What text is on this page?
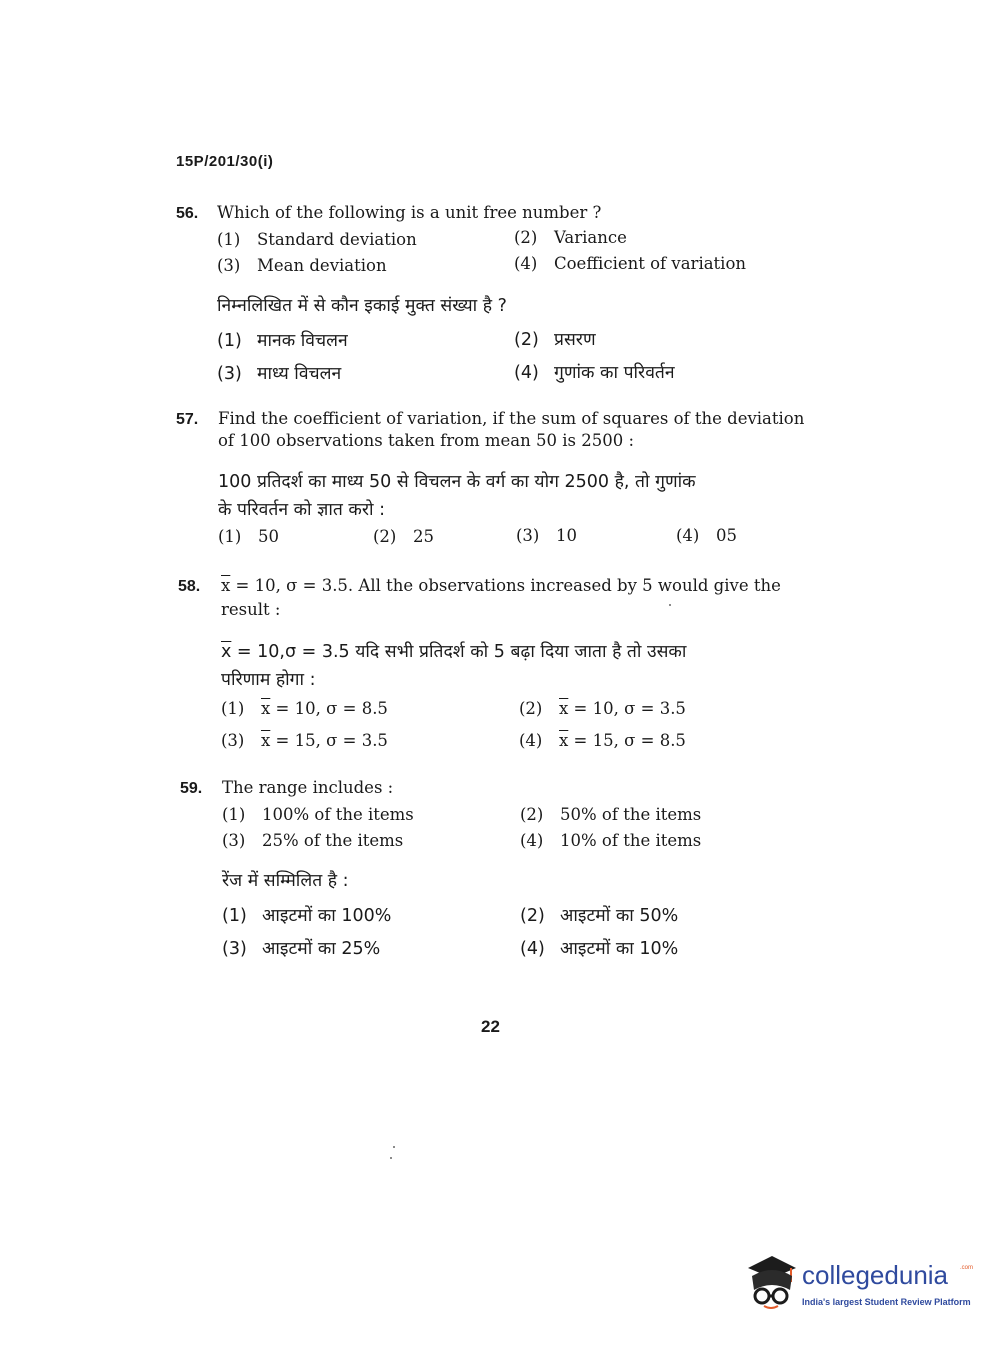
15P/201/30(i)
56. Which of the following is a unit free number ?
(1) Standard deviation	(2) Variance
(3) Mean deviation	(4) Coefficient of variation
निम्नलिखित में से कौन इकाई मुक्त संख्या है ?
(1) मानक विचलन	(2) प्रसरण
(3) माध्य विचलन	(4) गुणांक का परिवर्तन
57. Find the coefficient of variation, if the sum of squares of the deviation
of 100 observations taken from mean 50 is 2500 :
100 प्रतिदर्श का माध्य 50 से विचलन के वर्ग का योग 2500 है, तो गुणांक
के परिवर्तन को ज्ञात करो :
(1) 50	(2) 25	(3) 10	(4) 05
58. $\overline{x} = 10$, σ = 3.5. All the observations increased by 5 would give the
result :
$\overline{x} = 10,\sigma = 3.5$ यदि सभी प्रतिदर्श को 5 बढ़ा दिया जाता है तो उसका
परिणाम होगा :
(1) $\overline{x} = 10$, σ = 8.5	(2) $\overline{x} = 10$, σ = 3.5
(3) $\overline{x} = 15$, σ = 3.5	(4) $\overline{x} = 15$, σ = 8.5
59. The range includes :
(1) 100% of the items	(2) 50% of the items
(3) 25% of the items	(4) 10% of the items
रेंज में सम्मिलित है :
(1) आइटमों का 100%	(2) आइटमों का 50%
(3) आइटमों का 25%	(4) आइटमों का 10%
22
collegedunia .com
India's largest Student Review Platform
